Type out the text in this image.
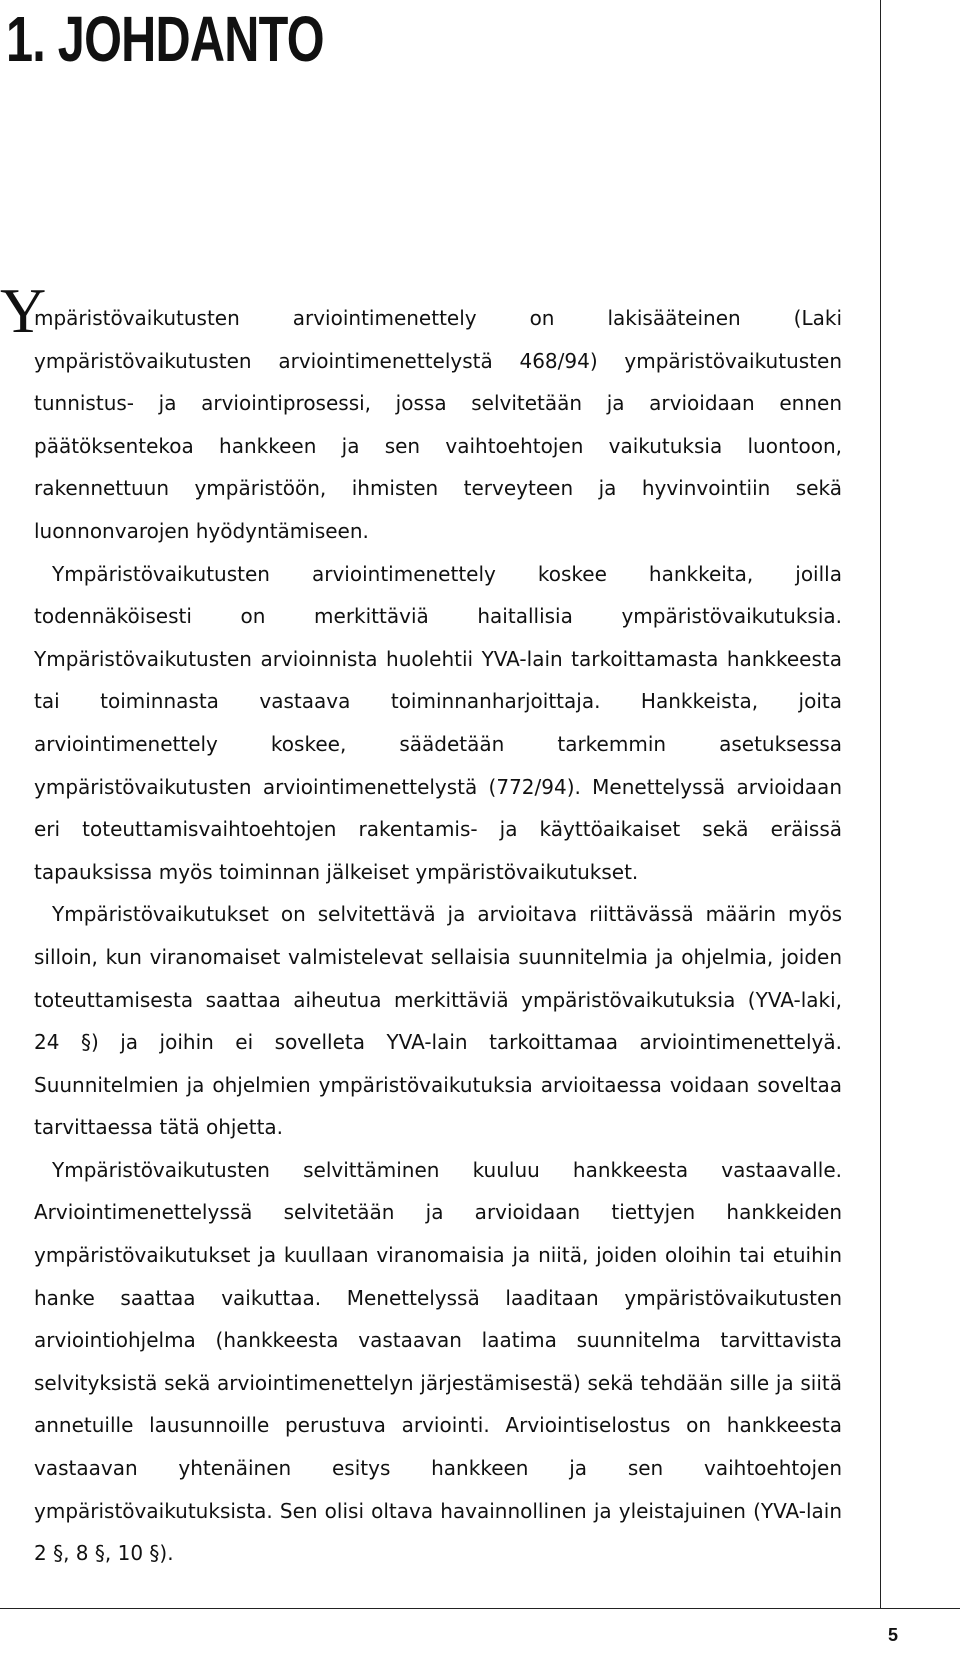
1. JOHDANTO

Y
mpäristövaikutusten arviointimenettely on lakisääteinen (Laki ympäristövaikutusten arviointimenettelystä 468/94) ympäristövaikutusten tunnistus- ja arviointiprosessi, jossa selvitetään ja arvioidaan ennen päätöksentekoa hankkeen ja sen vaihtoehtojen vaikutuksia luontoon, rakennettuun ympäristöön, ihmisten terveyteen ja hyvinvointiin sekä luonnonvarojen hyödyntämiseen.

Ympäristövaikutusten arviointimenettely koskee hankkeita, joilla todennäköisesti on merkittäviä haitallisia ympäristövaikutuksia. Ympäristövaikutusten arvioinnista huolehtii YVA-lain tarkoittamasta hankkeesta tai toiminnasta vastaava toiminnanharjoittaja. Hankkeista, joita arviointimenettely koskee, säädetään tarkemmin asetuksessa ympäristövaikutusten arviointimenettelystä (772/94). Menettelyssä arvioidaan eri toteuttamisvaihtoehtojen rakentamis- ja käyttöaikaiset sekä eräissä tapauksissa myös toiminnan jälkeiset ympäristövaikutukset.

Ympäristövaikutukset on selvitettävä ja arvioitava riittävässä määrin myös silloin, kun viranomaiset valmistelevat sellaisia suunnitelmia ja ohjelmia, joiden toteuttamisesta saattaa aiheutua merkittäviä ympäristövaikutuksia (YVA-laki, 24 §) ja joihin ei sovelleta YVA-lain tarkoittamaa arviointimenettelyä. Suunnitelmien ja ohjelmien ympäristövaikutuksia arvioitaessa voidaan soveltaa tarvittaessa tätä ohjetta.

Ympäristövaikutusten selvittäminen kuuluu hankkeesta vastaavalle. Arviointimenettelyssä selvitetään ja arvioidaan tiettyjen hankkeiden ympäristövaikutukset ja kuullaan viranomaisia ja niitä, joiden oloihin tai etuihin hanke saattaa vaikuttaa. Menettelyssä laaditaan ympäristövaikutusten arviointiohjelma (hankkeesta vastaavan laatima suunnitelma tarvittavista selvityksistä sekä arviointimenettelyn järjestämisestä) sekä tehdään sille ja siitä annetuille lausunnoille perustuva arviointi. Arviointiselostus on hankkeesta vastaavan yhtenäinen esitys hankkeen ja sen vaihtoehtojen ympäristövaikutuksista. Sen olisi oltava havainnollinen ja yleistajuinen (YVA-lain 2 §, 8 §, 10 §).

5
